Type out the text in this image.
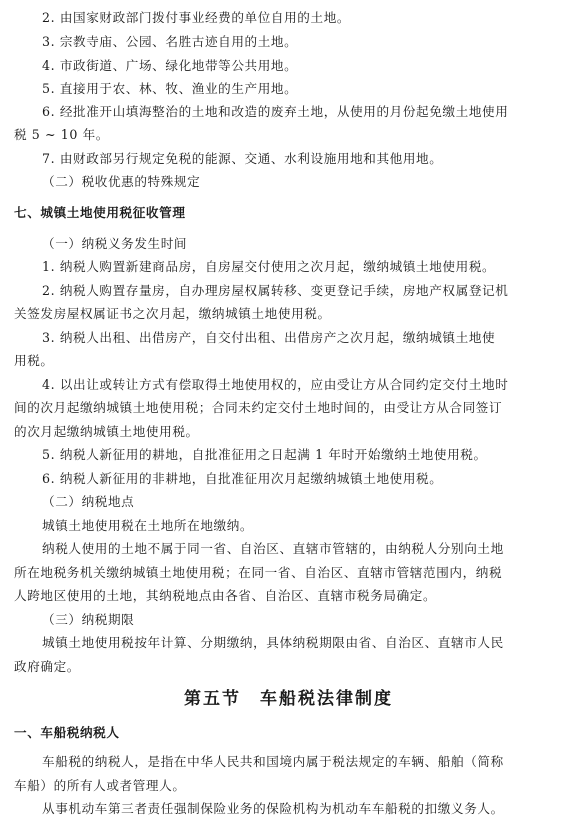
2. 由国家财政部门拨付事业经费的单位自用的土地。
3. 宗教寺庙、公园、名胜古迹自用的土地。
4. 市政街道、广场、绿化地带等公共用地。
5. 直接用于农、林、牧、渔业的生产用地。
6. 经批准开山填海整治的土地和改造的废弃土地，从使用的月份起免缴土地使用
税 5 ~ 10 年。
7. 由财政部另行规定免税的能源、交通、水利设施用地和其他用地。
（二）税收优惠的特殊规定
七、城镇土地使用税征收管理
（一）纳税义务发生时间
1. 纳税人购置新建商品房，自房屋交付使用之次月起，缴纳城镇土地使用税。
2. 纳税人购置存量房，自办理房屋权属转移、变更登记手续，房地产权属登记机
关签发房屋权属证书之次月起，缴纳城镇土地使用税。
3. 纳税人出租、出借房产，自交付出租、出借房产之次月起，缴纳城镇土地使
用税。
4. 以出让或转让方式有偿取得土地使用权的，应由受让方从合同约定交付土地时
间的次月起缴纳城镇土地使用税；合同未约定交付土地时间的，由受让方从合同签订
的次月起缴纳城镇土地使用税。
5. 纳税人新征用的耕地，自批准征用之日起满 1 年时开始缴纳土地使用税。
6. 纳税人新征用的非耕地，自批准征用次月起缴纳城镇土地使用税。
（二）纳税地点
城镇土地使用税在土地所在地缴纳。
纳税人使用的土地不属于同一省、自治区、直辖市管辖的，由纳税人分别向土地
所在地税务机关缴纳城镇土地使用税；在同一省、自治区、直辖市管辖范围内，纳税
人跨地区使用的土地，其纳税地点由各省、自治区、直辖市税务局确定。
（三）纳税期限
城镇土地使用税按年计算、分期缴纳，具体纳税期限由省、自治区、直辖市人民
政府确定。
第五节　车船税法律制度
一、车船税纳税人
车船税的纳税人，是指在中华人民共和国境内属于税法规定的车辆、船舶（简称
车船）的所有人或者管理人。
从事机动车第三者责任强制保险业务的保险机构为机动车车船税的扣缴义务人。
